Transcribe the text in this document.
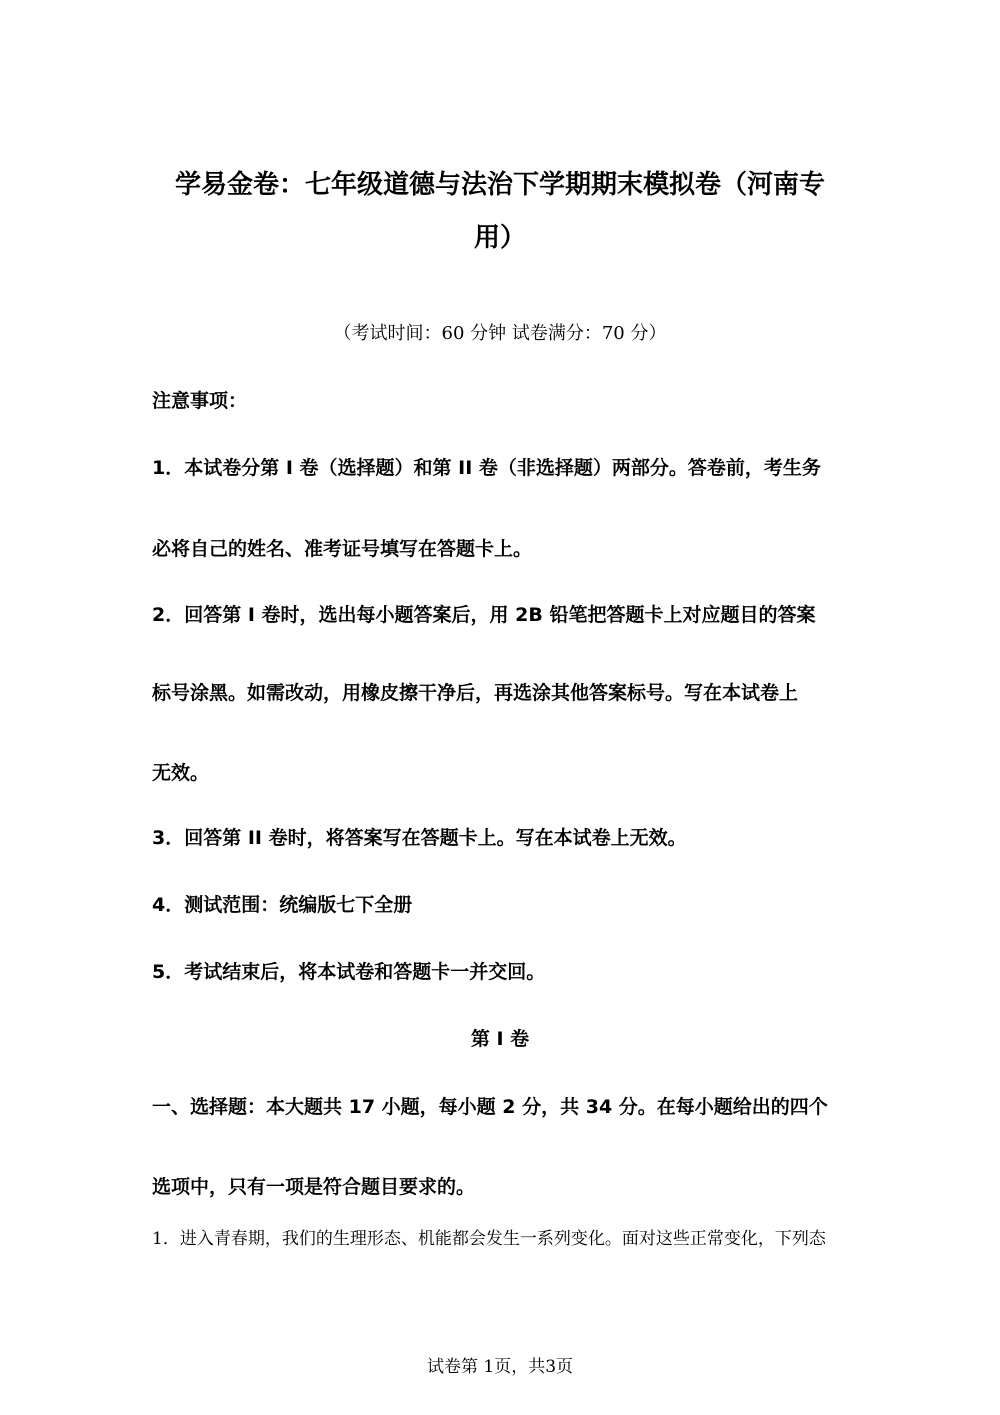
学易金卷：七年级道德与法治下学期期末模拟卷（河南专
用）
（考试时间：60 分钟 试卷满分：70 分）
注意事项：
1．本试卷分第 I 卷（选择题）和第 II 卷（非选择题）两部分。答卷前，考生务
必将自己的姓名、准考证号填写在答题卡上。
2．回答第 I 卷时，选出每小题答案后，用 2B 铅笔把答题卡上对应题目的答案
标号涂黑。如需改动，用橡皮擦干净后，再选涂其他答案标号。写在本试卷上
无效。
3．回答第 II 卷时，将答案写在答题卡上。写在本试卷上无效。
4．测试范围：统编版七下全册
5．考试结束后，将本试卷和答题卡一并交回。
第 I 卷
一、选择题：本大题共 17 小题，每小题 2 分，共 34 分。在每小题给出的四个
选项中，只有一项是符合题目要求的。
1．进入青春期，我们的生理形态、机能都会发生一系列变化。面对这些正常变化，下列态
试卷第 1页，共3页
